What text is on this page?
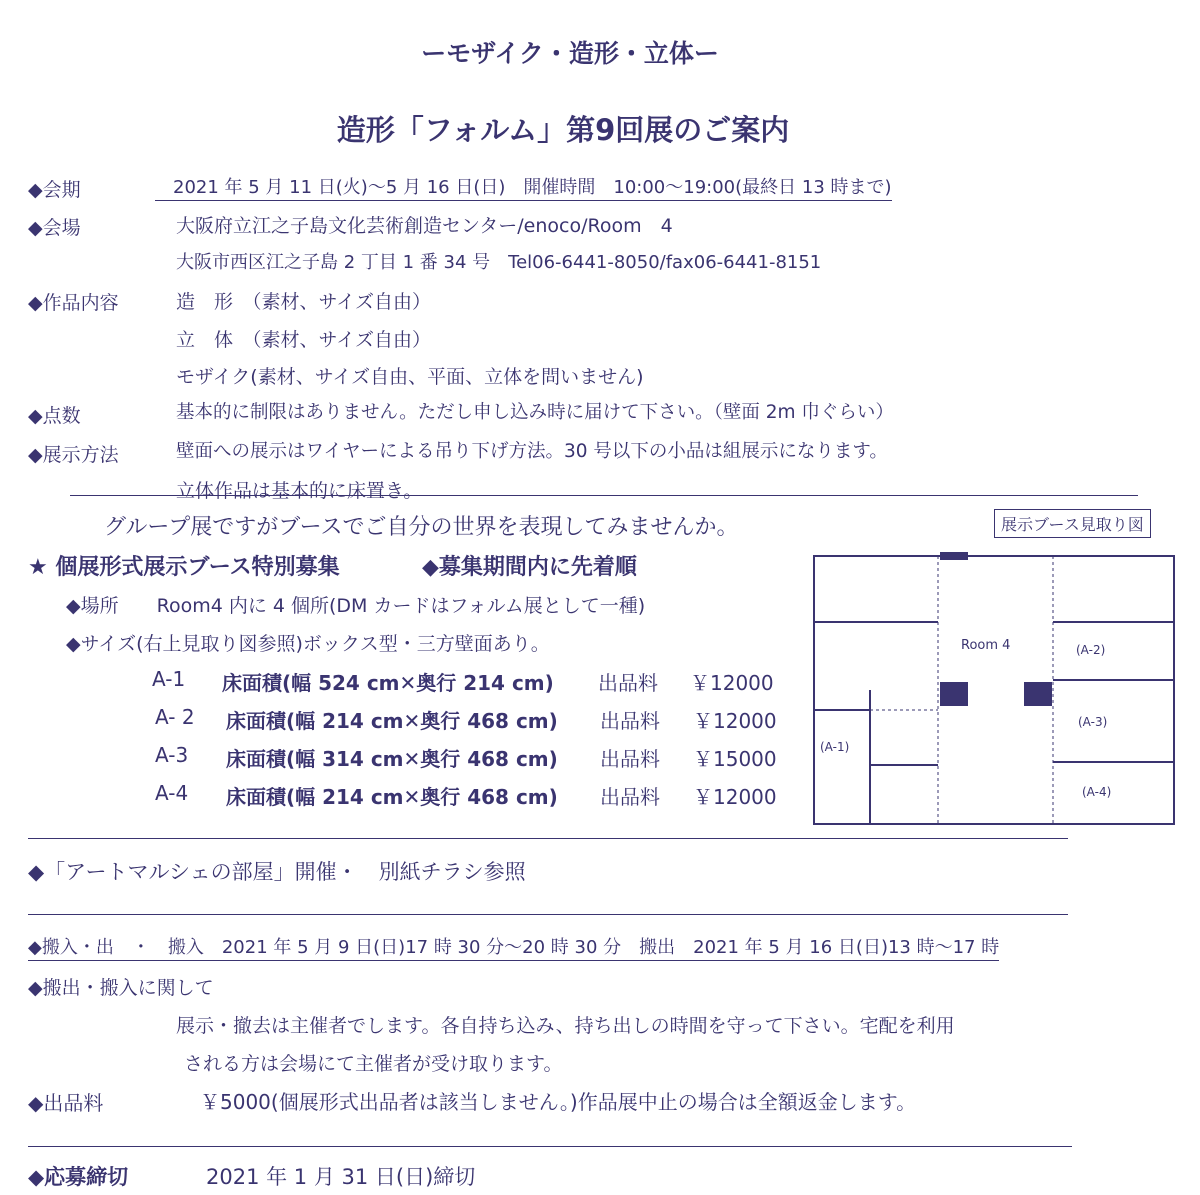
ーモザイク・造形・立体ー
造形「フォルム」第9回展のご案内
◆会期	2021 年 5 月 11 日(火)～5 月 16 日(日)　開催時間　10:00～19:00(最終日 13 時まで)
◆会場	大阪府立江之子島文化芸術創造センター/enoco/Room　4
大阪市西区江之子島 2 丁目 1 番 34 号　Tel06-6441-8050/fax06-6441-8151
◆作品内容	造　形　（素材、サイズ自由）
立　体　（素材、サイズ自由）
モザイク(素材、サイズ自由、平面、立体を問いません)
◆点数	基本的に制限はありません。ただし申し込み時に届けて下さい。（壁面 2m 巾ぐらい）
◆展示方法	壁面への展示はワイヤーによる吊り下げ方法。30 号以下の小品は組展示になります。
立体作品は基本的に床置き。
グループ展ですがブースでご自分の世界を表現してみませんか。	展示ブース見取り図
★ 個展形式展示ブース特別募集	◆募集期間内に先着順
◆場所　　Room4 内に 4 個所(DM カードはフォルム展として一種)
◆サイズ(右上見取り図参照)ボックス型・三方壁面あり。
A-1 床面積(幅 524 cm✕奥行 214 cm) 出品料 ￥12000
A- 2 床面積(幅 214 cm✕奥行 468 cm) 出品料 ￥12000
A-3 床面積(幅 314 cm✕奥行 468 cm) 出品料 ￥15000
A-4 床面積(幅 214 cm✕奥行 468 cm) 出品料 ￥12000
Room 4	(A-2)
(A-3)
(A-1)
(A-4)
◆「アートマルシェの部屋」開催・　別紙チラシ参照
◆搬入・出　・　搬入　2021 年 5 月 9 日(日)17 時 30 分～20 時 30 分　搬出　2021 年 5 月 16 日(日)13 時～17 時
◆搬出・搬入に関して
展示・撤去は主催者でします。各自持ち込み、持ち出しの時間を守って下さい。宅配を利用
される方は会場にて主催者が受け取ります。
◆出品料	￥5000(個展形式出品者は該当しません。)作品展中止の場合は全額返金します。
◆応募締切	2021 年 1 月 31 日(日)締切
